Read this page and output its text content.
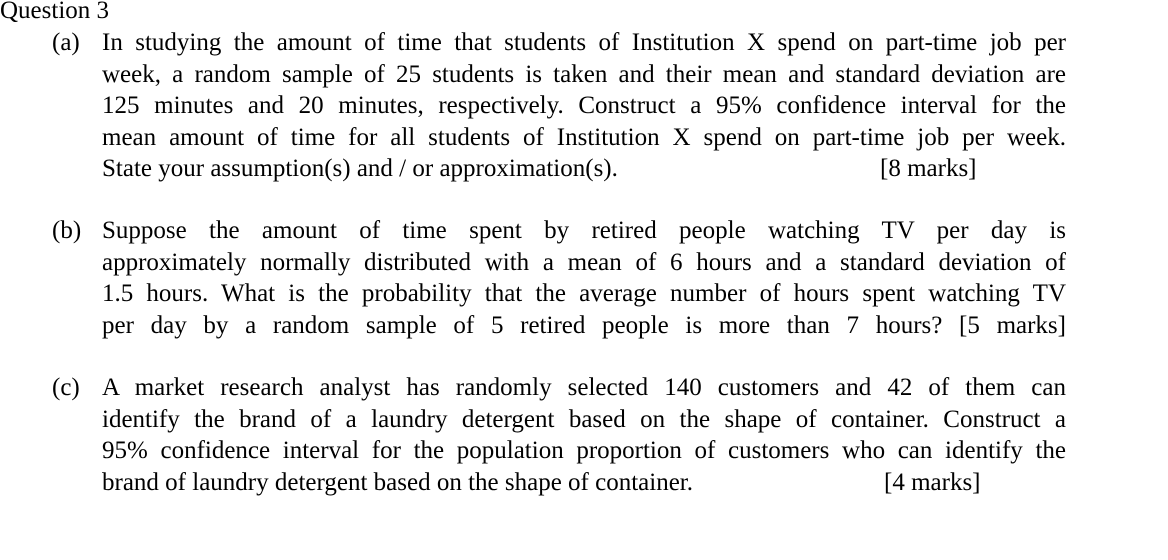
Question 3
(a) In studying the amount of time that students of Institution X spend on part-time job per
week, a random sample of 25 students is taken and their mean and standard deviation are
125 minutes and 20 minutes, respectively. Construct a 95% confidence interval for the
mean amount of time for all students of Institution X spend on part-time job per week.
State your assumption(s) and / or approximation(s).	[8 marks]
(b) Suppose the amount of time spent by retired people watching TV per day is
approximately normally distributed with a mean of 6 hours and a standard deviation of
1.5 hours. What is the probability that the average number of hours spent watching TV
per day by a random sample of 5 retired people is more than 7 hours? [5 marks]
(c) A market research analyst has randomly selected 140 customers and 42 of them can
identify the brand of a laundry detergent based on the shape of container. Construct a
95% confidence interval for the population proportion of customers who can identify the
brand of laundry detergent based on the shape of container.	[4 marks]
